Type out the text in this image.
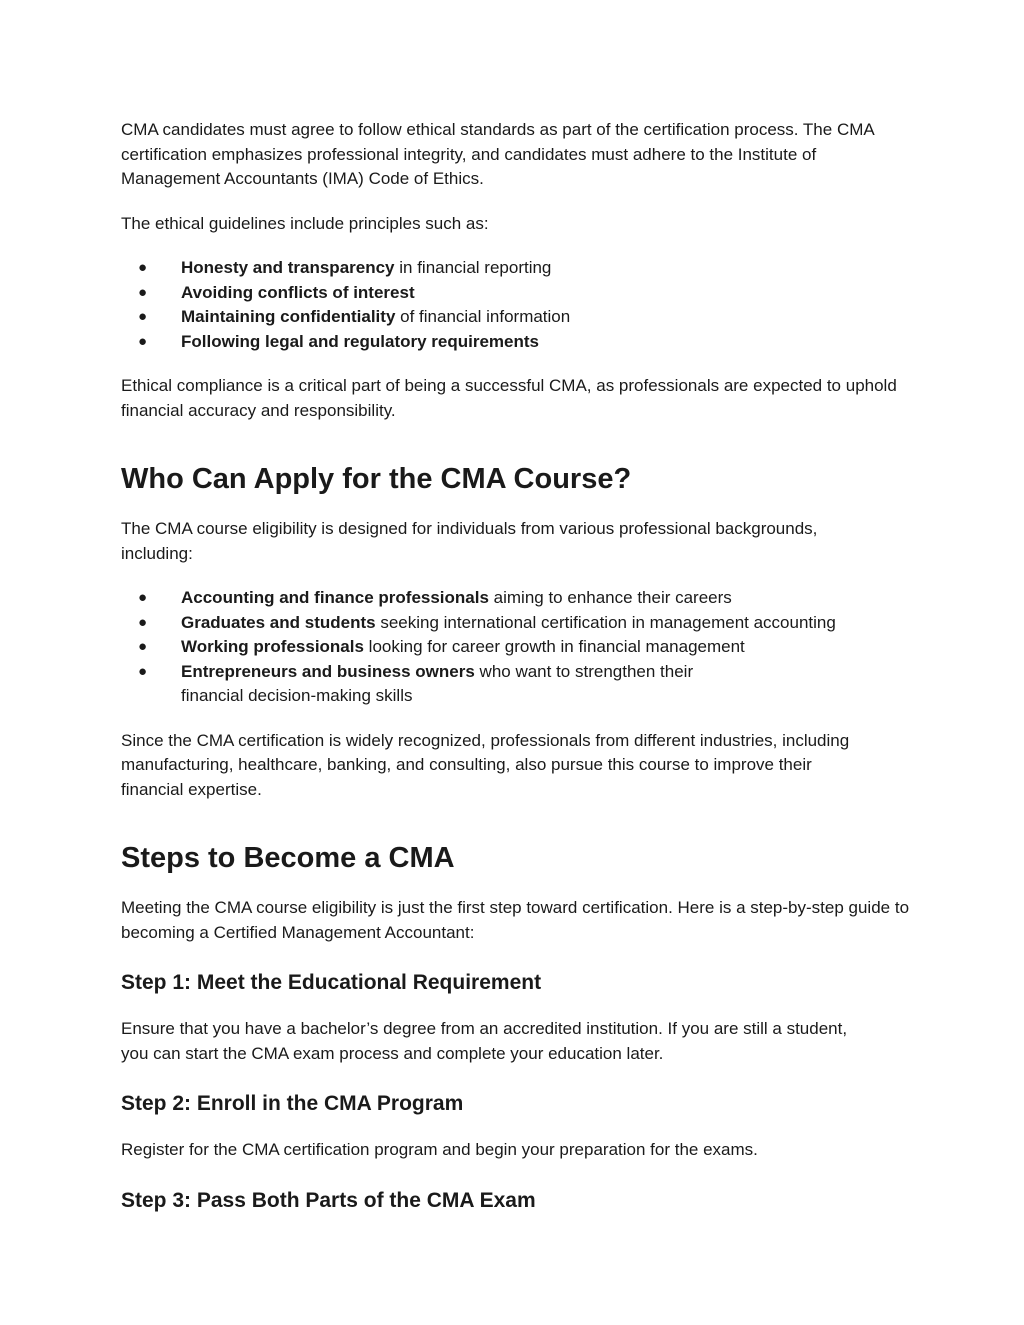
CMA candidates must agree to follow ethical standards as part of the certification process. The CMA certification emphasizes professional integrity, and candidates must adhere to the Institute of Management Accountants (IMA) Code of Ethics.

The ethical guidelines include principles such as:

● Honesty and transparency in financial reporting
● Avoiding conflicts of interest
● Maintaining confidentiality of financial information
● Following legal and regulatory requirements

Ethical compliance is a critical part of being a successful CMA, as professionals are expected to uphold financial accuracy and responsibility.

Who Can Apply for the CMA Course?

The CMA course eligibility is designed for individuals from various professional backgrounds, including:

● Accounting and finance professionals aiming to enhance their careers
● Graduates and students seeking international certification in management accounting
● Working professionals looking for career growth in financial management
● Entrepreneurs and business owners who want to strengthen their financial decision-making skills

Since the CMA certification is widely recognized, professionals from different industries, including manufacturing, healthcare, banking, and consulting, also pursue this course to improve their financial expertise.

Steps to Become a CMA

Meeting the CMA course eligibility is just the first step toward certification. Here is a step-by-step guide to becoming a Certified Management Accountant:

Step 1: Meet the Educational Requirement

Ensure that you have a bachelor’s degree from an accredited institution. If you are still a student, you can start the CMA exam process and complete your education later.

Step 2: Enroll in the CMA Program

Register for the CMA certification program and begin your preparation for the exams.

Step 3: Pass Both Parts of the CMA Exam
